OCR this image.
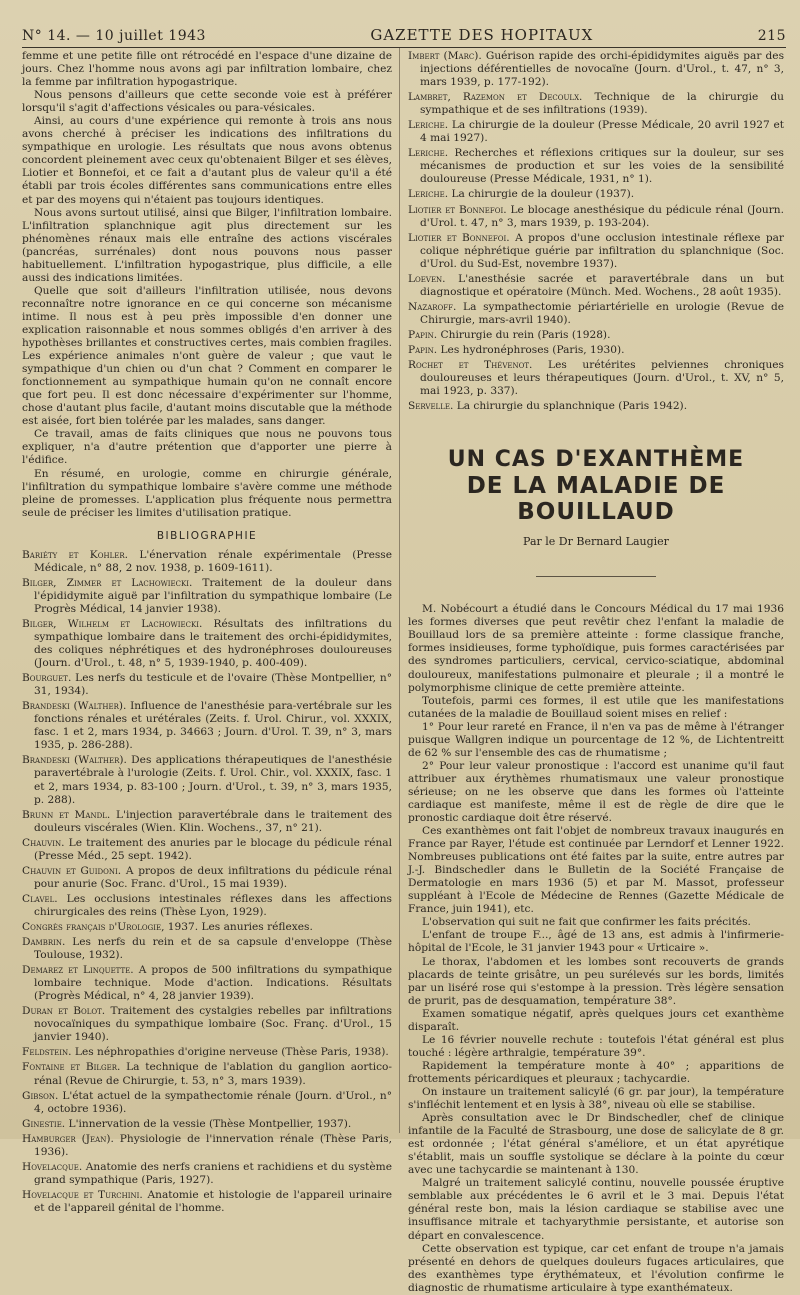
N° 14. — 10 juillet 1943	GAZETTE DES HOPITAUX	215

femme et une petite fille ont rétrocédé en l'espace d'une dizaine de jours. Chez l'homme nous avons agi par infiltration lombaire, chez la femme par infiltration hypogastrique.

Nous pensons d'ailleurs que cette seconde voie est à préférer lorsqu'il s'agit d'affections vésicales ou para-vésicales.

Ainsi, au cours d'une expérience qui remonte à trois ans nous avons cherché à préciser les indications des infiltrations du sympathique en urologie. Les résultats que nous avons obtenus concordent pleinement avec ceux qu'obtenaient Bilger et ses élèves, Liotier et Bonnefoi, et ce fait a d'autant plus de valeur qu'il a été établi par trois écoles différentes sans communications entre elles et par des moyens qui n'étaient pas toujours identiques.

Nous avons surtout utilisé, ainsi que Bilger, l'infiltration lombaire. L'infiltration splanchnique agit plus directement sur les phénomènes rénaux mais elle entraîne des actions viscérales (pancréas, surrénales) dont nous pouvons nous passer habituellement. L'infiltration hypogastrique, plus difficile, a elle aussi des indications limitées.

Quelle que soit d'ailleurs l'infiltration utilisée, nous devons reconnaître notre ignorance en ce qui concerne son mécanisme intime. Il nous est à peu près impossible d'en donner une explication raisonnable et nous sommes obligés d'en arriver à des hypothèses brillantes et constructives certes, mais combien fragiles. Les expérience animales n'ont guère de valeur ; que vaut le sympathique d'un chien ou d'un chat ? Comment en comparer le fonctionnement au sympathique humain qu'on ne connaît encore que fort peu. Il est donc nécessaire d'expérimenter sur l'homme, chose d'autant plus facile, d'autant moins discutable que la méthode est aisée, fort bien tolérée par les malades, sans danger.

Ce travail, amas de faits cliniques que nous ne pouvons tous expliquer, n'a d'autre prétention que d'apporter une pierre à l'édifice.

En résumé, en urologie, comme en chirurgie générale, l'infiltration du sympathique lombaire s'avère comme une méthode pleine de promesses. L'application plus fréquente nous permettra seule de préciser les limites d'utilisation pratique.

BIBLIOGRAPHIE

Bariéty et Kohler. L'énervation rénale expérimentale (Presse Médicale, n° 88, 2 nov. 1938, p. 1609-1611).

Bilger, Zimmer et Lachowiecki. Traitement de la douleur dans l'épididymite aiguë par l'infiltration du sympathique lombaire (Le Progrès Médical, 14 janvier 1938).

Bilger, Wilhelm et Lachowiecki. Résultats des infiltrations du sympathique lombaire dans le traitement des orchi-épididymites, des coliques néphrétiques et des hydronéphroses douloureuses (Journ. d'Urol., t. 48, n° 5, 1939-1940, p. 400-409).

Bourguet. Les nerfs du testicule et de l'ovaire (Thèse Montpellier, n° 31, 1934).

Brandeski (Walther). Influence de l'anesthésie para-vertébrale sur les fonctions rénales et urétérales (Zeits. f. Urol. Chirur., vol. XXXIX, fasc. 1 et 2, mars 1934, p. 34663 ; Journ. d'Urol. T. 39, n° 3, mars 1935, p. 286-288).

Brandeski (Walther). Des applications thérapeutiques de l'anesthésie paravertébrale à l'urologie (Zeits. f. Urol. Chir., vol. XXXIX, fasc. 1 et 2, mars 1934, p. 83-100 ; Journ. d'Urol., t. 39, n° 3, mars 1935, p. 288).

Brunn et Mandl. L'injection paravertébrale dans le traitement des douleurs viscérales (Wien. Klin. Wochens., 37, n° 21).

Chauvin. Le traitement des anuries par le blocage du pédicule rénal (Presse Méd., 25 sept. 1942).

Chauvin et Guidoni. A propos de deux infiltrations du pédicule rénal pour anurie (Soc. Franc. d'Urol., 15 mai 1939).

Clavel. Les occlusions intestinales réflexes dans les affections chirurgicales des reins (Thèse Lyon, 1929).

Congrès français d'Urologie, 1937. Les anuries réflexes.

Dambrin. Les nerfs du rein et de sa capsule d'enveloppe (Thèse Toulouse, 1932).

Demarez et Linquette. A propos de 500 infiltrations du sympathique lombaire technique. Mode d'action. Indications. Résultats (Progrès Médical, n° 4, 28 janvier 1939).

Duran et Bolot. Traitement des cystalgies rebelles par infiltrations novocaïniques du sympathique lombaire (Soc. Franç. d'Urol., 15 janvier 1940).

Feldstein. Les néphropathies d'origine nerveuse (Thèse Paris, 1938).

Fontaine et Bilger. La technique de l'ablation du ganglion aortico-rénal (Revue de Chirurgie, t. 53, n° 3, mars 1939).

Gibson. L'état actuel de la sympathectomie rénale (Journ. d'Urol., n° 4, octobre 1936).

Ginestie. L'innervation de la vessie (Thèse Montpellier, 1937).

Hamburger (Jean). Physiologie de l'innervation rénale (Thèse Paris, 1936).

Hovelacque. Anatomie des nerfs craniens et rachidiens et du système grand sympathique (Paris, 1927).

Hovelacque et Turchini. Anatomie et histologie de l'appareil urinaire et de l'appareil génital de l'homme.

Imbert (Marc). Guérison rapide des orchi-épididymites aiguës par des injections déférentielles de novocaïne (Journ. d'Urol., t. 47, n° 3, mars 1939, p. 177-192).

Lambret, Razemon et Decoulx. Technique de la chirurgie du sympathique et de ses infiltrations (1939).

Leriche. La chirurgie de la douleur (Presse Médicale, 20 avril 1927 et 4 mai 1927).

Leriche. Recherches et réflexions critiques sur la douleur, sur ses mécanismes de production et sur les voies de la sensibilité douloureuse (Presse Médicale, 1931, n° 1).

Leriche. La chirurgie de la douleur (1937).

Liotier et Bonnefoi. Le blocage anesthésique du pédicule rénal (Journ. d'Urol. t. 47, n° 3, mars 1939, p. 193-204).

Liotier et Bonnefoi. A propos d'une occlusion intestinale réflexe par colique néphrétique guérie par infiltration du splanchnique (Soc. d'Urol. du Sud-Est, novembre 1937).

Loeven. L'anesthésie sacrée et paravertébrale dans un but diagnostique et opératoire (Münch. Med. Wochens., 28 août 1935).

Nazaroff. La sympathectomie périartérielle en urologie (Revue de Chirurgie, mars-avril 1940).

Papin. Chirurgie du rein (Paris (1928).

Papin. Les hydronéphroses (Paris, 1930).

Rochet et Thévenot. Les urétérites pelviennes chroniques douloureuses et leurs thérapeutiques (Journ. d'Urol., t. XV, n° 5, mai 1923, p. 337).

Servelle. La chirurgie du splanchnique (Paris 1942).

UN CAS D'EXANTHÈME
DE LA MALADIE DE BOUILLAUD
Par le Dr Bernard Laugier

M. Nobécourt a étudié dans le Concours Médical du 17 mai 1936 les formes diverses que peut revêtir chez l'enfant la maladie de Bouillaud lors de sa première atteinte : forme classique franche, formes insidieuses, forme typhoïdique, puis formes caractérisées par des syndromes particuliers, cervical, cervico-sciatique, abdominal douloureux, manifestations pulmonaire et pleurale ; il a montré le polymorphisme clinique de cette première atteinte.

Toutefois, parmi ces formes, il est utile que les manifestations cutanées de la maladie de Bouillaud soient mises en relief :

1° Pour leur rareté en France, il n'en va pas de même à l'étranger puisque Wallgren indique un pourcentage de 12 %, de Lichtentreitt de 62 % sur l'ensemble des cas de rhumatisme ;

2° Pour leur valeur pronostique : l'accord est unanime qu'il faut attribuer aux érythèmes rhumatismaux une valeur pronostique sérieuse; on ne les observe que dans les formes où l'atteinte cardiaque est manifeste, même il est de règle de dire que le pronostic cardiaque doit être réservé.

Ces exanthèmes ont fait l'objet de nombreux travaux inaugurés en France par Rayer, l'étude est continuée par Lerndorf et Lenner 1922. Nombreuses publications ont été faites par la suite, entre autres par J.-J. Bindschedler dans le Bulletin de la Société Française de Dermatologie en mars 1936 (5) et par M. Massot, professeur suppléant à l'Ecole de Médecine de Rennes (Gazette Médicale de France, juin 1941), etc.

L'observation qui suit ne fait que confirmer les faits précités.

L'enfant de troupe F..., âgé de 13 ans, est admis à l'infirmerie-hôpital de l'Ecole, le 31 janvier 1943 pour « Urticaire ».

Le thorax, l'abdomen et les lombes sont recouverts de grands placards de teinte grisâtre, un peu surélevés sur les bords, limités par un liséré rose qui s'estompe à la pression. Très légère sensation de prurit, pas de desquamation, température 38°.

Examen somatique négatif, après quelques jours cet exanthème disparaît.

Le 16 février nouvelle rechute : toutefois l'état général est plus touché : légère arthralgie, température 39°.

Rapidement la température monte à 40° ; apparitions de frottements péricardiques et pleuraux ; tachycardie.

On instaure un traitement salicylé (6 gr. par jour), la température s'infléchit lentement et en lysis à 38°, niveau où elle se stabilise.

Après consultation avec le Dr Bindschedler, chef de clinique infantile de la Faculté de Strasbourg, une dose de salicylate de 8 gr. est ordonnée ; l'état général s'améliore, et un état apyrétique s'établit, mais un souffle systolique se déclare à la pointe du cœur avec une tachycardie se maintenant à 130.

Malgré un traitement salicylé continu, nouvelle poussée éruptive semblable aux précédentes le 6 avril et le 3 mai. Depuis l'état général reste bon, mais la lésion cardiaque se stabilise avec une insuffisance mitrale et tachyarythmie persistante, et autorise son départ en convalescence.

Cette observation est typique, car cet enfant de troupe n'a jamais présenté en dehors de quelques douleurs fugaces articulaires, que des exanthèmes type érythémateux, et l'évolution confirme le diagnostic de rhumatisme articulaire à type exanthémateux.
